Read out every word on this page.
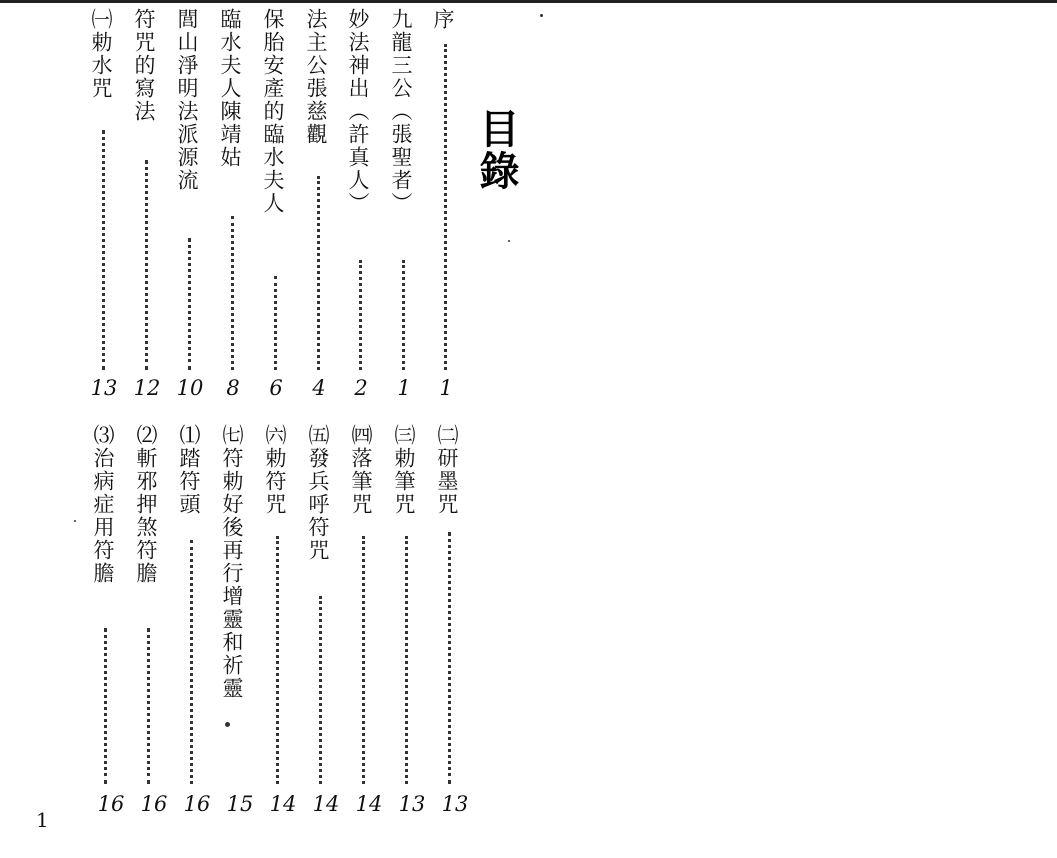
目錄
序
1
九龍三公（張聖者）
1
妙法神出（許真人）
2
法主公張慈觀
4
保胎安產的臨水夫人
6
臨水夫人陳靖姑
8
閭山淨明法派源流
10
符咒的寫法
12
㈠勅水咒
13
㈡研墨咒
13
㈢勅筆咒
13
㈣落筆咒
14
㈤發兵呼符咒
14
㈥勅符咒
14
㈦符勅好後再行增靈和祈靈
15
⑴踏符頭
16
⑵斬邪押煞符膽
16
⑶治病症用符膽
16
1
